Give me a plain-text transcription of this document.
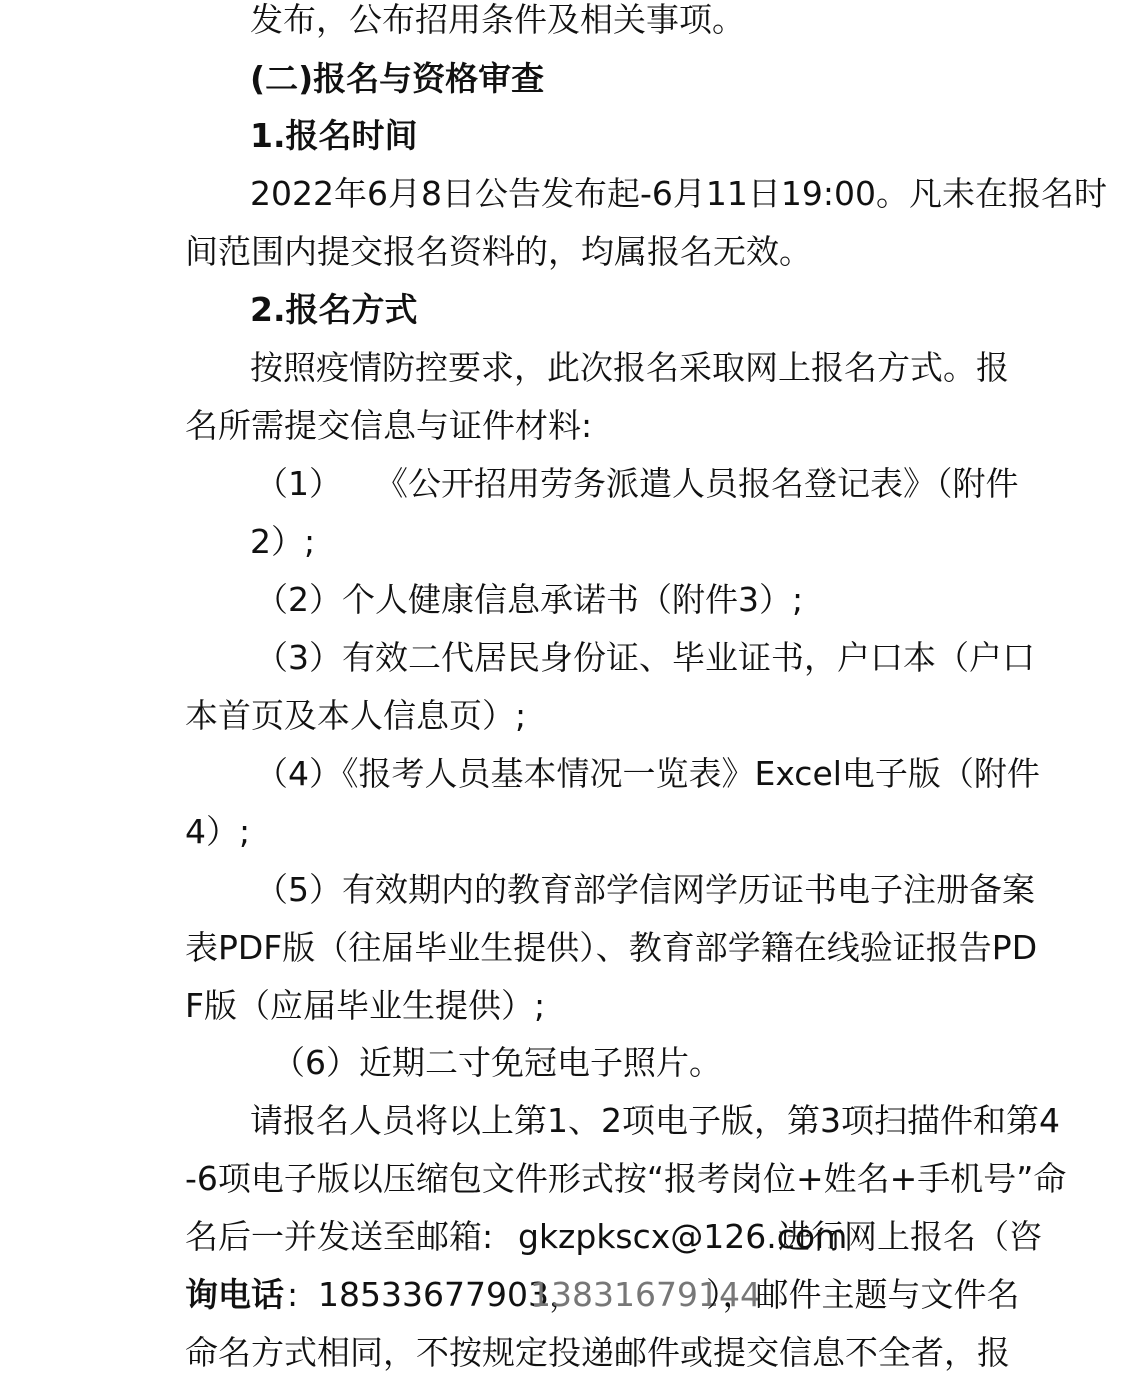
发布，公布招用条件及相关事项。
(二)报名与资格审查
1.报名时间
2022年6月8日公告发布起-6月11日19:00。凡未在报名时
间范围内提交报名资料的，均属报名无效。
2.报名方式
按照疫情防控要求，此次报名采取网上报名方式。报
名所需提交信息与证件材料:
（1） 《公开招用劳务派遣人员报名登记表》（附件
2）;
（2）个人健康信息承诺书（附件3）;
（3）有效二代居民身份证、毕业证书，户口本（户口
本首页及本人信息页）;
（4）《报考人员基本情况一览表》Excel电子版（附件
4）;
（5）有效期内的教育部学信网学历证书电子注册备案
表PDF版（往届毕业生提供）、教育部学籍在线验证报告PD
F版（应届毕业生提供）;
（6）近期二寸免冠电子照片。
请报名人员将以上第1、2项电子版，第3项扫描件和第4
-6项电子版以压缩包文件形式按“报考岗位+姓名+手机号”命
名后一并发送至邮箱: gkzpkscx@126.com
进行网上报名（咨
询电话 : 18533677903，
13831679144
），邮件主题与文件名
命名方式相同，不按规定投递邮件或提交信息不全者，报
